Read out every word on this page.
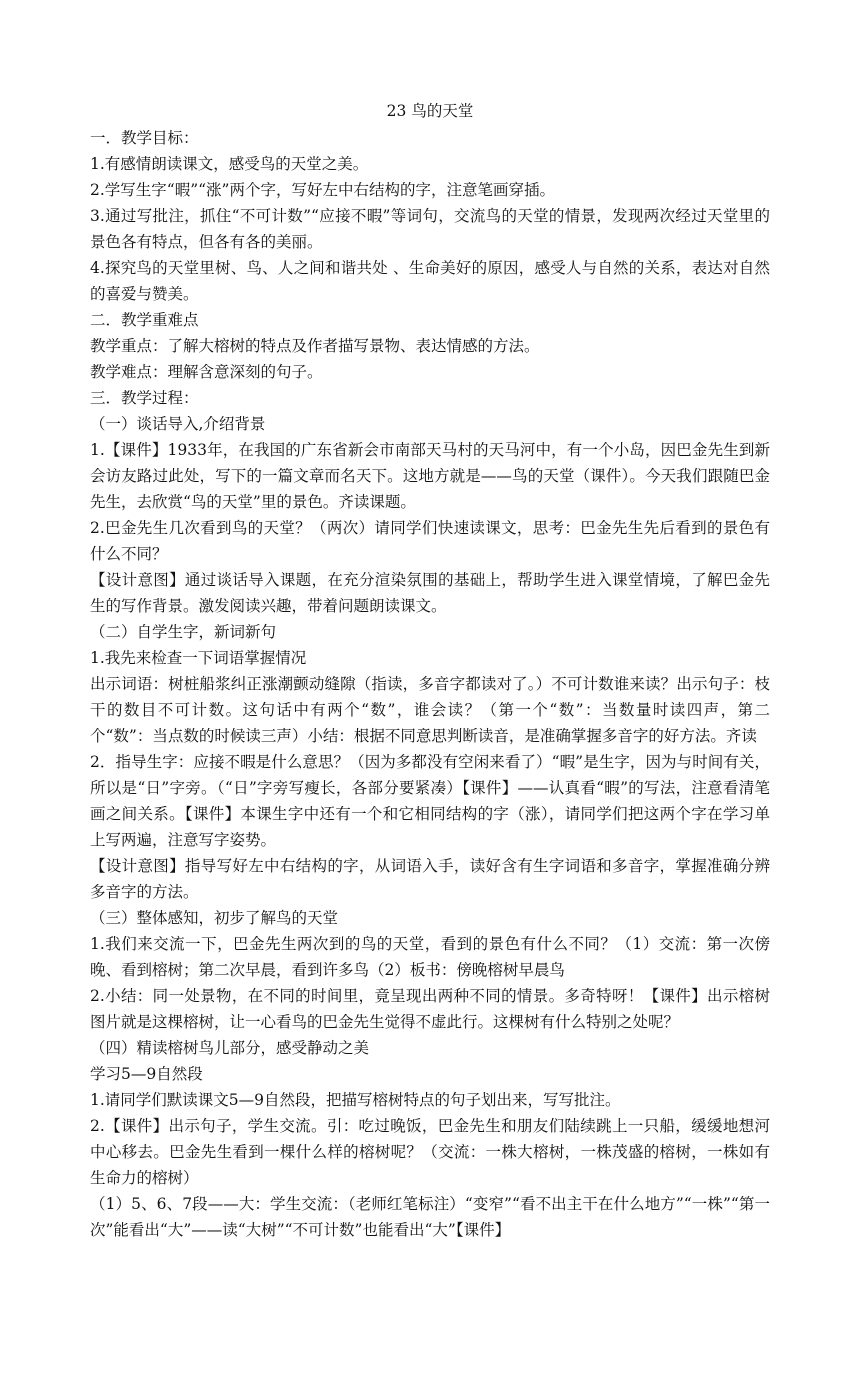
23 鸟的天堂

一．教学目标：

1.有感情朗读课文，感受鸟的天堂之美。

2.学写生字“暇”“涨”两个字，写好左中右结构的字，注意笔画穿插。

3.通过写批注，抓住“不可计数”“应接不暇”等词句，交流鸟的天堂的情景，发现两次经过天堂里的景色各有特点，但各有各的美丽。

4.探究鸟的天堂里树、鸟、人之间和谐共处 、生命美好的原因，感受人与自然的关系，表达对自然的喜爱与赞美。

二．教学重难点

教学重点：了解大榕树的特点及作者描写景物、表达情感的方法。

教学难点：理解含意深刻的句子。

三．教学过程：

（一）谈话导入,介绍背景

1.【课件】1933年，在我国的广东省新会市南部天马村的天马河中，有一个小岛，因巴金先生到新会访友路过此处，写下的一篇文章而名天下。这地方就是——鸟的天堂（课件）。今天我们跟随巴金先生，去欣赏“鸟的天堂”里的景色。齐读课题。

2.巴金先生几次看到鸟的天堂？（两次）请同学们快速读课文，思考：巴金先生先后看到的景色有什么不同？

【设计意图】通过谈话导入课题，在充分渲染氛围的基础上，帮助学生进入课堂情境，了解巴金先生的写作背景。激发阅读兴趣，带着问题朗读课文。

（二）自学生字，新词新句

1.我先来检查一下词语掌握情况

出示词语：树桩船浆纠正涨潮颤动缝隙（指读，多音字都读对了。）不可计数谁来读？出示句子：枝干的数目不可计数。这句话中有两个“数”，谁会读？（第一个“数”：当数量时读四声，第二个“数”：当点数的时候读三声）小结：根据不同意思判断读音，是准确掌握多音字的好方法。齐读

2．指导生字：应接不暇是什么意思？（因为多都没有空闲来看了）“暇”是生字，因为与时间有关，所以是“日”字旁。（“日”字旁写瘦长，各部分要紧凑）【课件】——认真看“暇”的写法，注意看清笔画之间关系。【课件】本课生字中还有一个和它相同结构的字（涨），请同学们把这两个字在学习单上写两遍，注意写字姿势。

【设计意图】指导写好左中右结构的字，从词语入手，读好含有生字词语和多音字，掌握准确分辨多音字的方法。

（三）整体感知，初步了解鸟的天堂

1.我们来交流一下，巴金先生两次到的鸟的天堂，看到的景色有什么不同？（1）交流：第一次傍晚、看到榕树；第二次早晨，看到许多鸟（2）板书：傍晚榕树早晨鸟

2.小结：同一处景物，在不同的时间里，竟呈现出两种不同的情景。多奇特呀！【课件】出示榕树图片就是这棵榕树，让一心看鸟的巴金先生觉得不虚此行。这棵树有什么特别之处呢？

（四）精读榕树鸟儿部分，感受静动之美

学习5—9自然段

1.请同学们默读课文5—9自然段，把描写榕树特点的句子划出来，写写批注。

2.【课件】出示句子，学生交流。引：吃过晚饭，巴金先生和朋友们陆续跳上一只船，缓缓地想河中心移去。巴金先生看到一棵什么样的榕树呢？（交流：一株大榕树，一株茂盛的榕树，一株如有生命力的榕树）

（1）5、6、7段——大：学生交流：（老师红笔标注）“变窄”“看不出主干在什么地方”“一株”“第一次”能看出“大”——读“大树”“不可计数”也能看出“大”【课件】
